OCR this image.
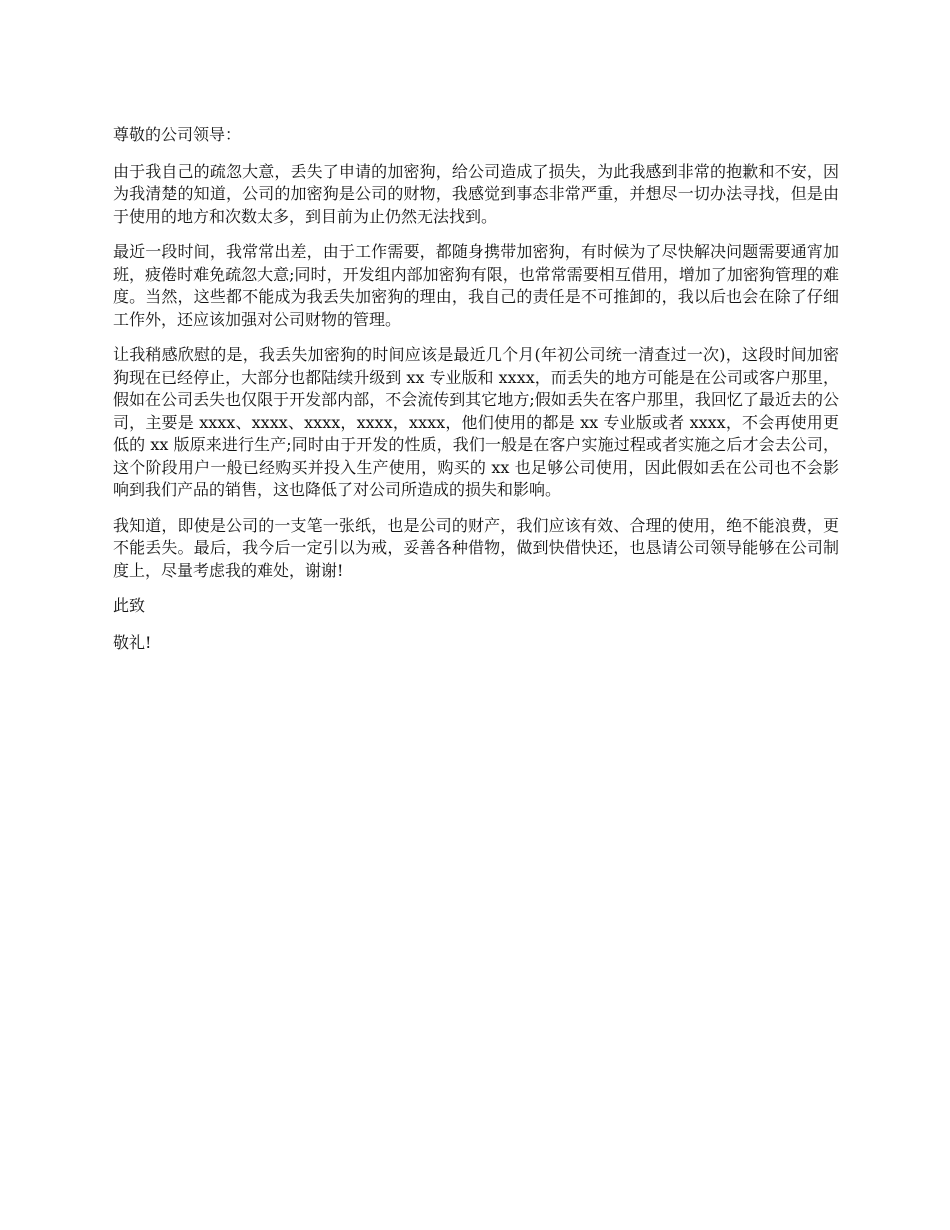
尊敬的公司领导：

由于我自己的疏忽大意，丢失了申请的加密狗，给公司造成了损失，为此我感到非常的抱歉和不安，因为我清楚的知道，公司的加密狗是公司的财物，我感觉到事态非常严重，并想尽一切办法寻找，但是由于使用的地方和次数太多，到目前为止仍然无法找到。

最近一段时间，我常常出差，由于工作需要，都随身携带加密狗，有时候为了尽快解决问题需要通宵加班，疲倦时难免疏忽大意;同时，开发组内部加密狗有限，也常常需要相互借用，增加了加密狗管理的难度。当然，这些都不能成为我丢失加密狗的理由，我自己的责任是不可推卸的，我以后也会在除了仔细工作外，还应该加强对公司财物的管理。

让我稍感欣慰的是，我丢失加密狗的时间应该是最近几个月(年初公司统一清查过一次)，这段时间加密狗现在已经停止，大部分也都陆续升级到 xx 专业版和 xxxx，而丢失的地方可能是在公司或客户那里，假如在公司丢失也仅限于开发部内部，不会流传到其它地方;假如丢失在客户那里，我回忆了最近去的公司，主要是 xxxx、xxxx、xxxx，xxxx，xxxx，他们使用的都是 xx 专业版或者 xxxx，不会再使用更低的 xx 版原来进行生产;同时由于开发的性质，我们一般是在客户实施过程或者实施之后才会去公司，这个阶段用户一般已经购买并投入生产使用，购买的 xx 也足够公司使用，因此假如丢在公司也不会影响到我们产品的销售，这也降低了对公司所造成的损失和影响。

我知道，即使是公司的一支笔一张纸，也是公司的财产，我们应该有效、合理的使用，绝不能浪费，更不能丢失。最后，我今后一定引以为戒，妥善各种借物，做到快借快还，也恳请公司领导能够在公司制度上，尽量考虑我的难处，谢谢!

此致

敬礼!
